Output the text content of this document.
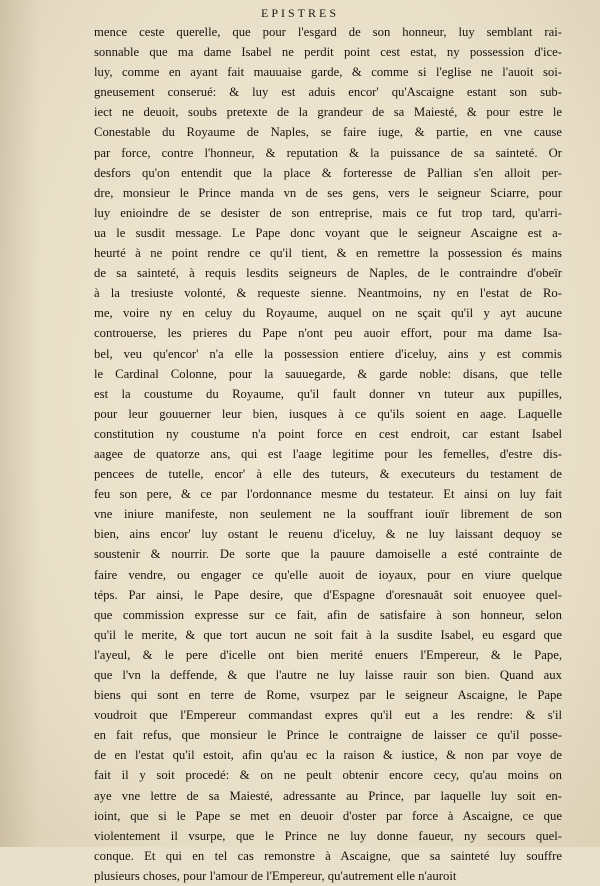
EPISTRES
mence ceste querelle, que pour l'esgard de son honneur, luy semblant rai-
sonnable que ma dame Isabel ne perdit point cest estat, ny possession d'ice-
luy, comme en ayant fait mauuaise garde, & comme si l'eglise ne l'auoit soi-
gneusement conserué: & luy est aduis encor' qu'Ascaigne estant son sub-
iect ne deuoit, soubs pretexte de la grandeur de sa Maiesté, & pour estre le
Conestable du Royaume de Naples, se faire iuge, & partie, en vne cause
par force, contre l'honneur, & reputation & la puissance de sa sainteté. Or
desfors qu'on entendit que la place & forteresse de Pallian s'en alloit per-
dre, monsieur le Prince manda vn de ses gens, vers le seigneur Sciarre, pour
luy enioindre de se desister de son entreprise, mais ce fut trop tard, qu'arri-
ua le susdit message. Le Pape donc voyant que le seigneur Ascaigne est a-
heurté à ne point rendre ce qu'il tient, & en remettre la possession és mains
de sa sainteté, à requis lesdits seigneurs de Naples, de le contraindre d'obeïr
à la tresiuste volonté, & requeste sienne. Neantmoins, ny en l'estat de Ro-
me, voire ny en celuy du Royaume, auquel on ne sçait qu'il y ayt aucune
controuerse, les prieres du Pape n'ont peu auoir effort, pour ma dame Isa-
bel, veu qu'encor' n'a elle la possession entiere d'iceluy, ains y est commis
le Cardinal Colonne, pour la sauuegarde, & garde noble: disans, que telle
est la coustume du Royaume, qu'il fault donner vn tuteur aux pupilles,
pour leur gouuerner leur bien, iusques à ce qu'ils soient en aage. Laquelle
constitution ny coustume n'a point force en cest endroit, car estant Isabel
aagee de quatorze ans, qui est l'aage legitime pour les femelles, d'estre dis-
pencees de tutelle, encor' à elle des tuteurs, & executeurs du testament de
feu son pere, & ce par l'ordonnance mesme du testateur. Et ainsi on luy fait
vne iniure manifeste, non seulement ne la souffrant iouïr librement de son
bien, ains encor' luy ostant le reuenu d'iceluy, & ne luy laissant dequoy se
soustenir & nourrir. De sorte que la pauure damoiselle a esté contrainte de
faire vendre, ou engager ce qu'elle auoit de ioyaux, pour en viure quelque
téps. Par ainsi, le Pape desire, que d'Espagne d'oresnauăt soit enuoyee quel-
que commission expresse sur ce fait, afin de satisfaire à son honneur, selon
qu'il le merite, & que tort aucun ne soit fait à la susdite Isabel, eu esgard que
l'ayeul, & le pere d'icelle ont bien merité enuers l'Empereur, & le Pape,
que l'vn la deffende, & que l'autre ne luy laisse rauir son bien. Quand aux
biens qui sont en terre de Rome, vsurpez par le seigneur Ascaigne, le Pape
voudroit que l'Empereur commandast expres qu'il eut a les rendre: & s'il
en fait refus, que monsieur le Prince le contraigne de laisser ce qu'il posse-
de en l'estat qu'il estoit, afin qu'au ec la raison & iustice, & non par voye de
fait il y soit procedé: & on ne peult obtenir encore cecy, qu'au moins on
aye vne lettre de sa Maiesté, adressante au Prince, par laquelle luy soit en-
ioint, que si le Pape se met en deuoir d'oster par force à Ascaigne, ce que
violentement il vsurpe, que le Prince ne luy donne faueur, ny secours quel-
conque. Et qui en tel cas remonstre à Ascaigne, que sa sainteté luy souffre
plusieurs choses, pour l'amour de l'Empereur, qu'autrement elle n'auroit
